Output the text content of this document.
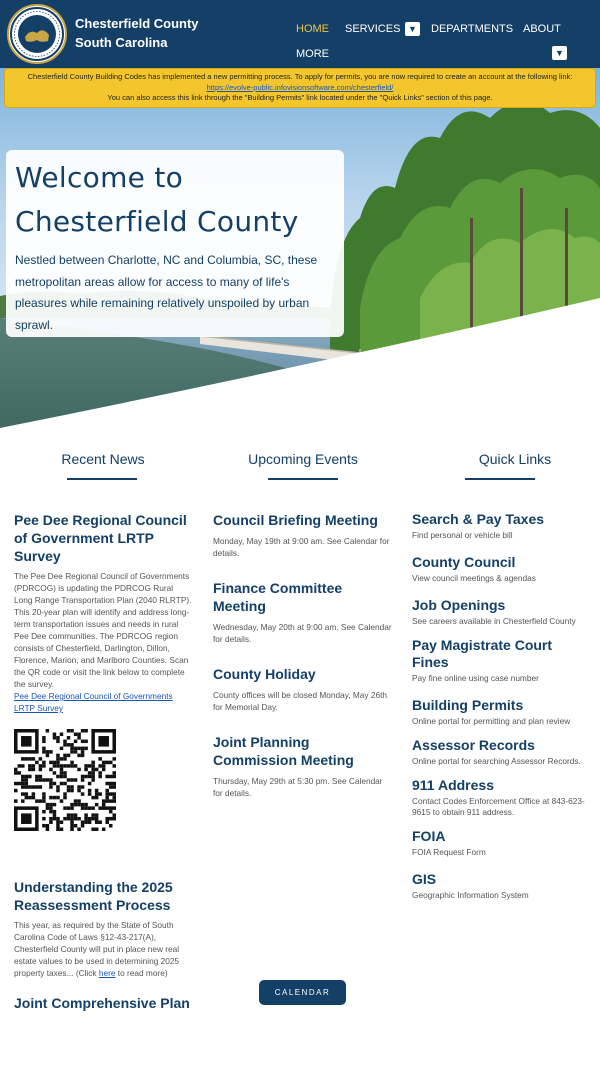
Chesterfield County
South Carolina
HOME SERVICES ▼ DEPARTMENTS ABOUT
MORE	▼
Chesterfield County Building Codes has implemented a new permitting process. To apply for permits, you are now required to create an account at the following link: https://evolve-public.infovisionsoftware.com/chesterfield/
You can also access this link through the "Building Permits" link located under the "Quick Links" section of this page.
Welcome to
Chesterfield County

Nestled between Charlotte, NC and Columbia, SC, these metropolitan areas allow for access to many of life's pleasures while remaining relatively unspoiled by urban sprawl.

Recent News	Upcoming Events	Quick Links
Pee Dee Regional Council of Government LRTP Survey

The Pee Dee Regional Council of Governments (PDRCOG) is updating the PDRCOG Rural Long Range Transportation Plan (2040 RLRTP). This 20-year plan will identify and address long-term transportation issues and needs in rural Pee Dee communities. The PDRCOG region consists of Chesterfield, Darlington, Dillon, Florence, Marion, and Marlboro Counties. Scan the QR code or visit the link below to complete the survey.

Pee Dee Regional Council of Governments LRTP Survey
Understanding the 2025 Reassessment Process

This year, as required by the State of South Carolina Code of Laws §12-43-217(A), Chesterfield County will put in place new real estate values to be used in determining 2025 property taxes... (Click here to read more)

Joint Comprehensive Plan
Council Briefing Meeting

Monday, May 19th at 9:00 am. See Calendar for details.

Finance Committee Meeting

Wednesday, May 20th at 9:00 am. See Calendar for details.

County Holiday

County offices will be closed Monday, May 26th for Memorial Day.

Joint Planning Commission Meeting

Thursday, May 29th at 5:30 pm. See Calendar for details.

CALENDAR
Search & Pay Taxes

Find personal or vehicle bill

County Council

View council meetings & agendas

Job Openings

See careers available in Chesterfield County

Pay Magistrate Court Fines

Pay fine online using case number

Building Permits

Online portal for permitting and plan review

Assessor Records

Online portal for searching Assessor Records.

911 Address

Contact Codes Enforcement Office at 843-623-9615 to obtain 911 address.

FOIA

FOIA Request Form

GIS

Geographic Information System
